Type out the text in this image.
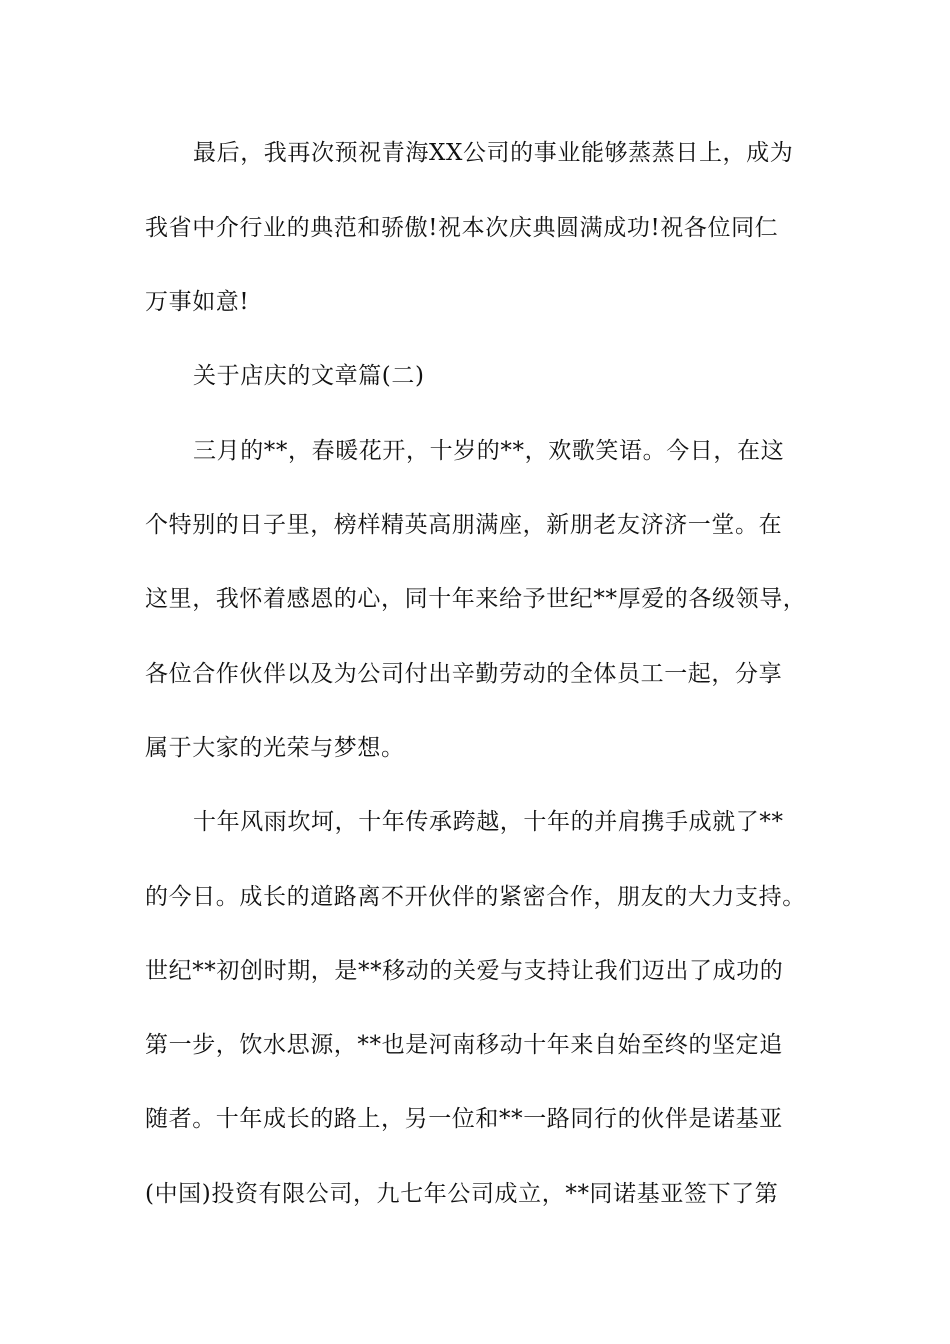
最后，我再次预祝青海XX公司的事业能够蒸蒸日上，成为
我省中介行业的典范和骄傲!祝本次庆典圆满成功!祝各位同仁
万事如意!
关于店庆的文章篇(二)
三月的**，春暖花开，十岁的**，欢歌笑语。今日，在这
个特别的日子里，榜样精英高朋满座，新朋老友济济一堂。在
这里，我怀着感恩的心，同十年来给予世纪**厚爱的各级领导，
各位合作伙伴以及为公司付出辛勤劳动的全体员工一起，分享
属于大家的光荣与梦想。
十年风雨坎坷，十年传承跨越，十年的并肩携手成就了**
的今日。成长的道路离不开伙伴的紧密合作，朋友的大力支持。
世纪**初创时期，是**移动的关爱与支持让我们迈出了成功的
第一步，饮水思源，**也是河南移动十年来自始至终的坚定追
随者。十年成长的路上，另一位和**一路同行的伙伴是诺基亚
(中国)投资有限公司，九七年公司成立，**同诺基亚签下了第
